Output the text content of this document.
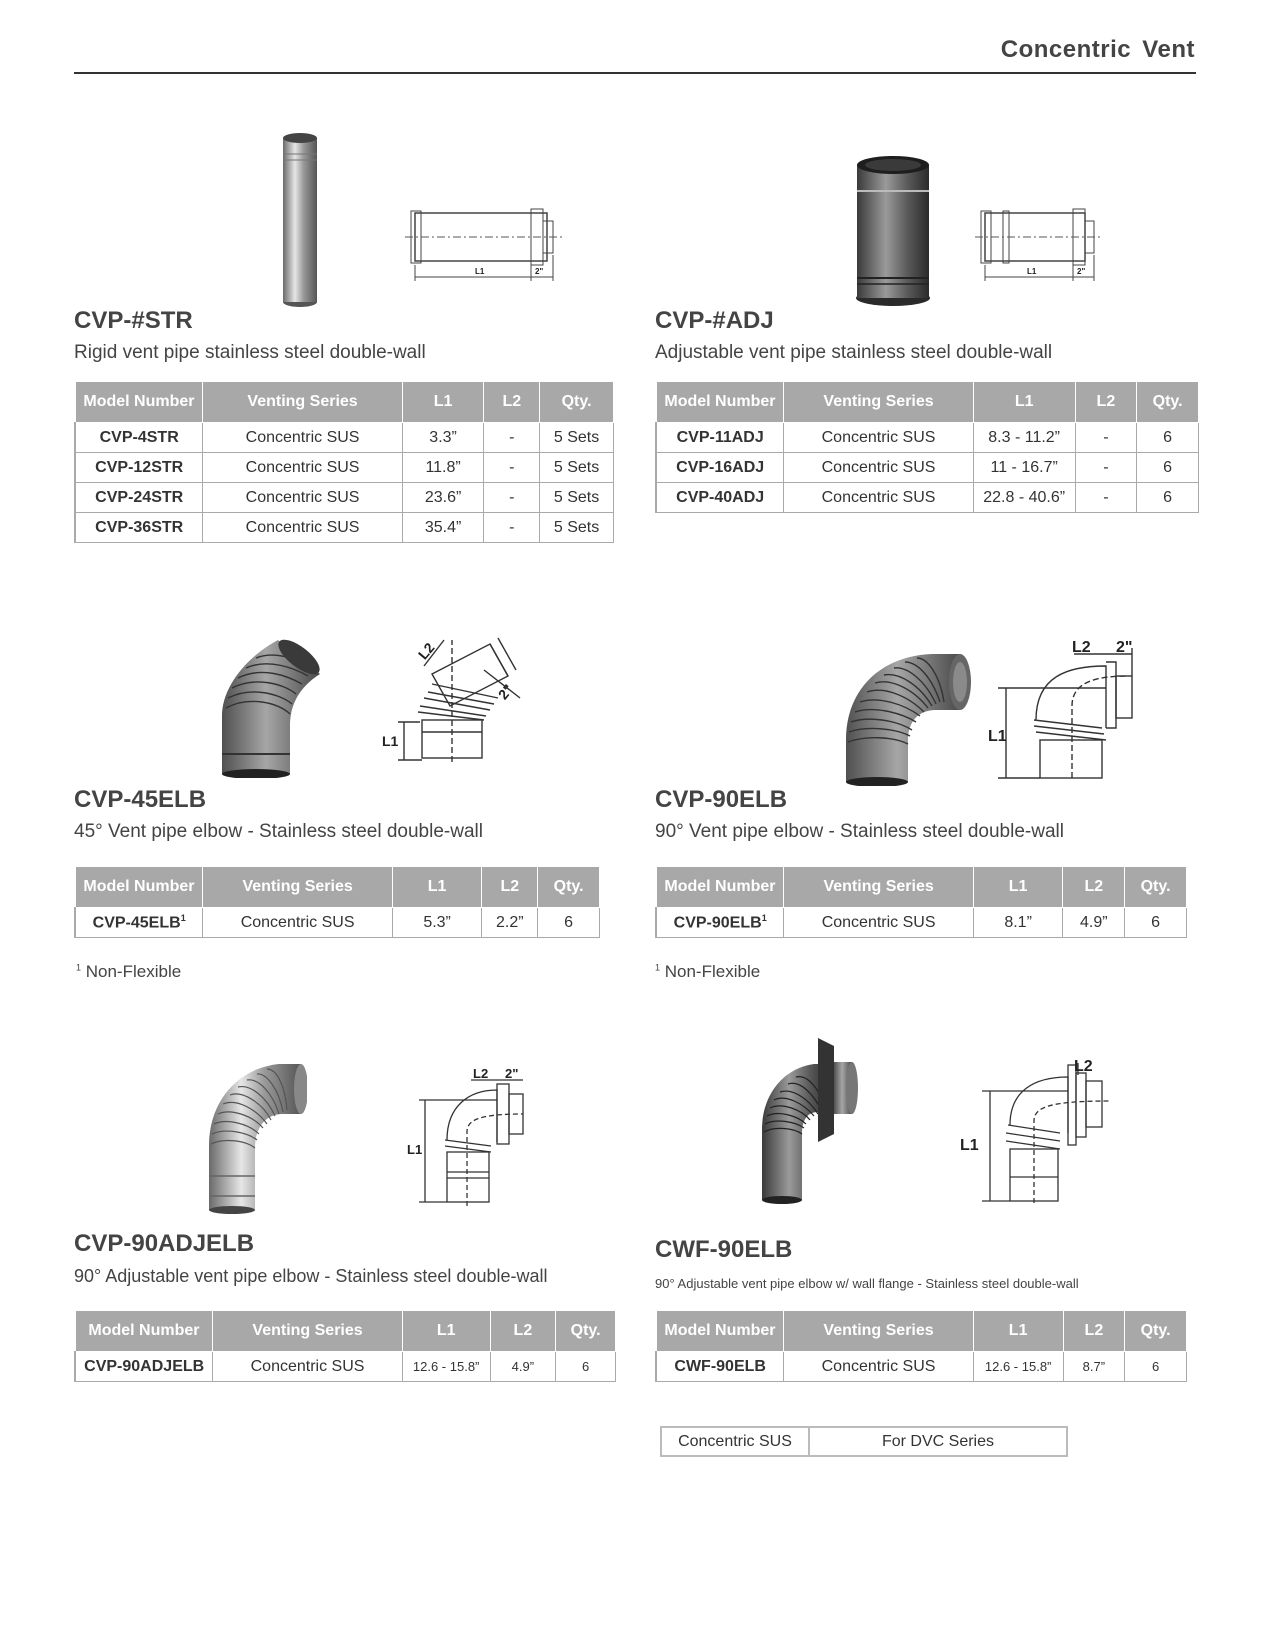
Concentric Vent
L1	2"
CVP-#STR
Rigid vent pipe stainless steel double-wall
Model Number	Venting Series	L1	L2	Qty.
CVP-4STR	Concentric SUS	3.3”	-	5 Sets
CVP-12STR	Concentric SUS	11.8”	-	5 Sets
CVP-24STR	Concentric SUS	23.6”	-	5 Sets
CVP-36STR	Concentric SUS	35.4”	-	5 Sets
L1	2"
CVP-#ADJ
Adjustable vent pipe stainless steel double-wall
Model Number	Venting Series	L1	L2	Qty.
CVP-11ADJ	Concentric SUS	8.3 - 11.2”	-	6
CVP-16ADJ	Concentric SUS	11 - 16.7”	-	6
CVP-40ADJ	Concentric SUS	22.8 - 40.6”	-	6
L1
L2
2"
CVP-45ELB
45° Vent pipe elbow - Stainless steel double-wall
Model Number	Venting Series	L1	L2	Qty.
CVP-45ELB$^1$	Concentric SUS	5.3”	2.2”	6
$^1$ Non-Flexible
L1
L2 2"
CVP-90ELB
90° Vent pipe elbow - Stainless steel double-wall
Model Number	Venting Series	L1	L2	Qty.
CVP-90ELB$^1$	Concentric SUS	8.1”	4.9”	6
$^1$ Non-Flexible
L1
L2 2"
CVP-90ADJELB
90° Adjustable vent pipe elbow - Stainless steel double-wall
Model Number	Venting Series	L1	L2	Qty.
CVP-90ADJELB	Concentric SUS	12.6 - 15.8”	4.9”	6
L1
L2
CWF-90ELB
90° Adjustable vent pipe elbow w/ wall flange - Stainless steel double-wall
Model Number	Venting Series	L1	L2	Qty.
CWF-90ELB	Concentric SUS	12.6 - 15.8”	8.7”	6
Concentric SUS	For DVC Series
